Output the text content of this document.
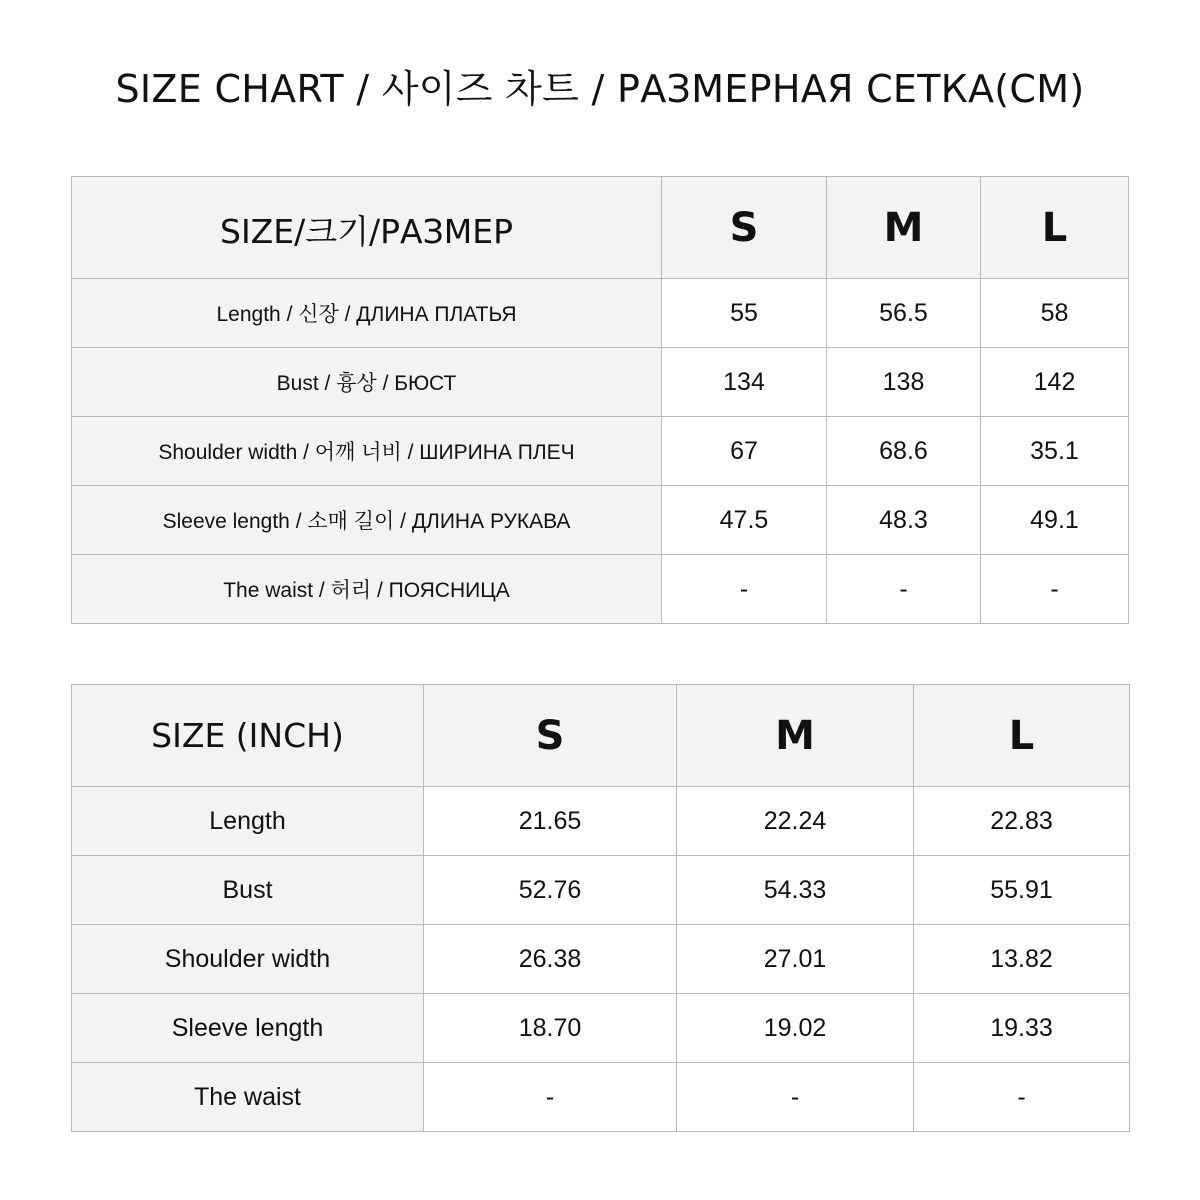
SIZE CHART / 사이즈 차트 / РАЗМЕРНАЯ СЕТКА(CM)
SIZE/크기/РАЗМЕР	S	M	L
Length / 신장 / ДЛИНА ПЛАТЬЯ	55	56.5	58
Bust / 흉상 / БЮСТ	134	138	142
Shoulder width / 어깨 너비 / ШИРИНА ПЛЕЧ	67	68.6	35.1
Sleeve length / 소매 길이 / ДЛИНА РУКАВА	47.5	48.3	49.1
The waist / 허리 / ПОЯСНИЦА	-	-	-
SIZE (INCH)	S	M	L
Length	21.65	22.24	22.83
Bust	52.76	54.33	55.91
Shoulder width	26.38	27.01	13.82
Sleeve length	18.70	19.02	19.33
The waist	-	-	-
